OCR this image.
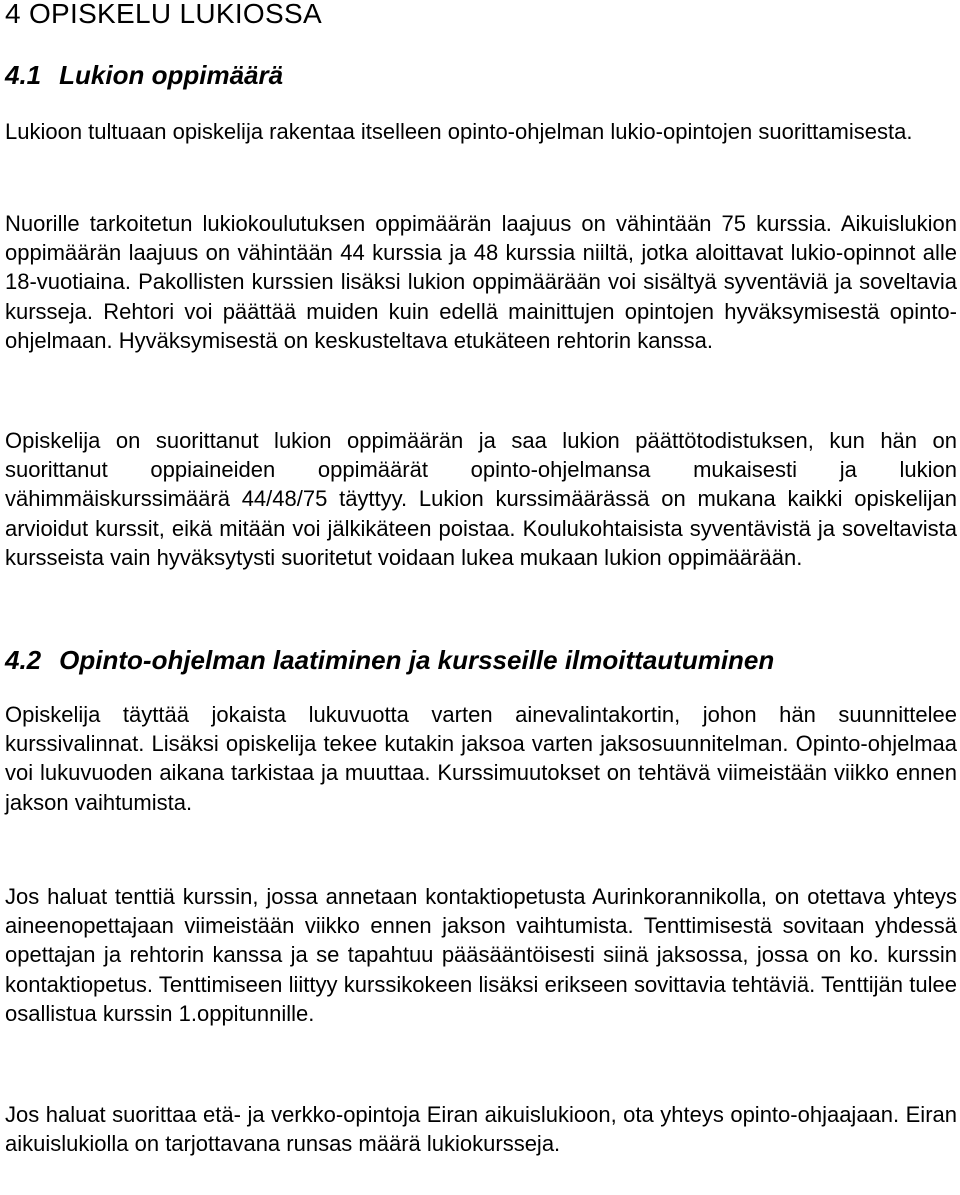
4 OPISKELU LUKIOSSA
4.1 Lukion oppimäärä

Lukioon tultuaan opiskelija rakentaa itselleen opinto-ohjelman lukio-opintojen suorittamisesta.

Nuorille tarkoitetun lukiokoulutuksen oppimäärän laajuus on vähintään 75 kurssia. Aikuislukion oppimäärän laajuus on vähintään 44 kurssia ja 48 kurssia niiltä, jotka aloittavat lukio-opinnot alle 18-vuotiaina. Pakollisten kurssien lisäksi lukion oppimäärään voi sisältyä syventäviä ja soveltavia kursseja. Rehtori voi päättää muiden kuin edellä mainittujen opintojen hyväksymisestä opinto-ohjelmaan. Hyväksymisestä on keskusteltava etukäteen rehtorin kanssa.

Opiskelija on suorittanut lukion oppimäärän ja saa lukion päättötodistuksen, kun hän on suorittanut oppiaineiden oppimäärät opinto-ohjelmansa mukaisesti ja lukion vähimmäiskurssimäärä 44/48/75 täyttyy. Lukion kurssimäärässä on mukana kaikki opiskelijan arvioidut kurssit, eikä mitään voi jälkikäteen poistaa. Koulukohtaisista syventävistä ja soveltavista kursseista vain hyväksytysti suoritetut voidaan lukea mukaan lukion oppimäärään.

4.2 Opinto-ohjelman laatiminen ja kursseille ilmoittautuminen

Opiskelija täyttää jokaista lukuvuotta varten ainevalintakortin, johon hän suunnittelee kurssivalinnat. Lisäksi opiskelija tekee kutakin jaksoa varten jaksosuunnitelman. Opinto-ohjelmaa voi lukuvuoden aikana tarkistaa ja muuttaa. Kurssimuutokset on tehtävä viimeistään viikko ennen jakson vaihtumista.

Jos haluat tenttiä kurssin, jossa annetaan kontaktiopetusta Aurinkorannikolla, on otettava yhteys aineenopettajaan viimeistään viikko ennen jakson vaihtumista. Tenttimisestä sovitaan yhdessä opettajan ja rehtorin kanssa ja se tapahtuu pääsääntöisesti siinä jaksossa, jossa on ko. kurssin kontaktiopetus. Tenttimiseen liittyy kurssikokeen lisäksi erikseen sovittavia tehtäviä. Tenttijän tulee osallistua kurssin 1.oppitunnille.

Jos haluat suorittaa etä- ja verkko-opintoja Eiran aikuislukioon, ota yhteys opinto-ohjaajaan. Eiran aikuislukiolla on tarjottavana runsas määrä lukiokursseja.
